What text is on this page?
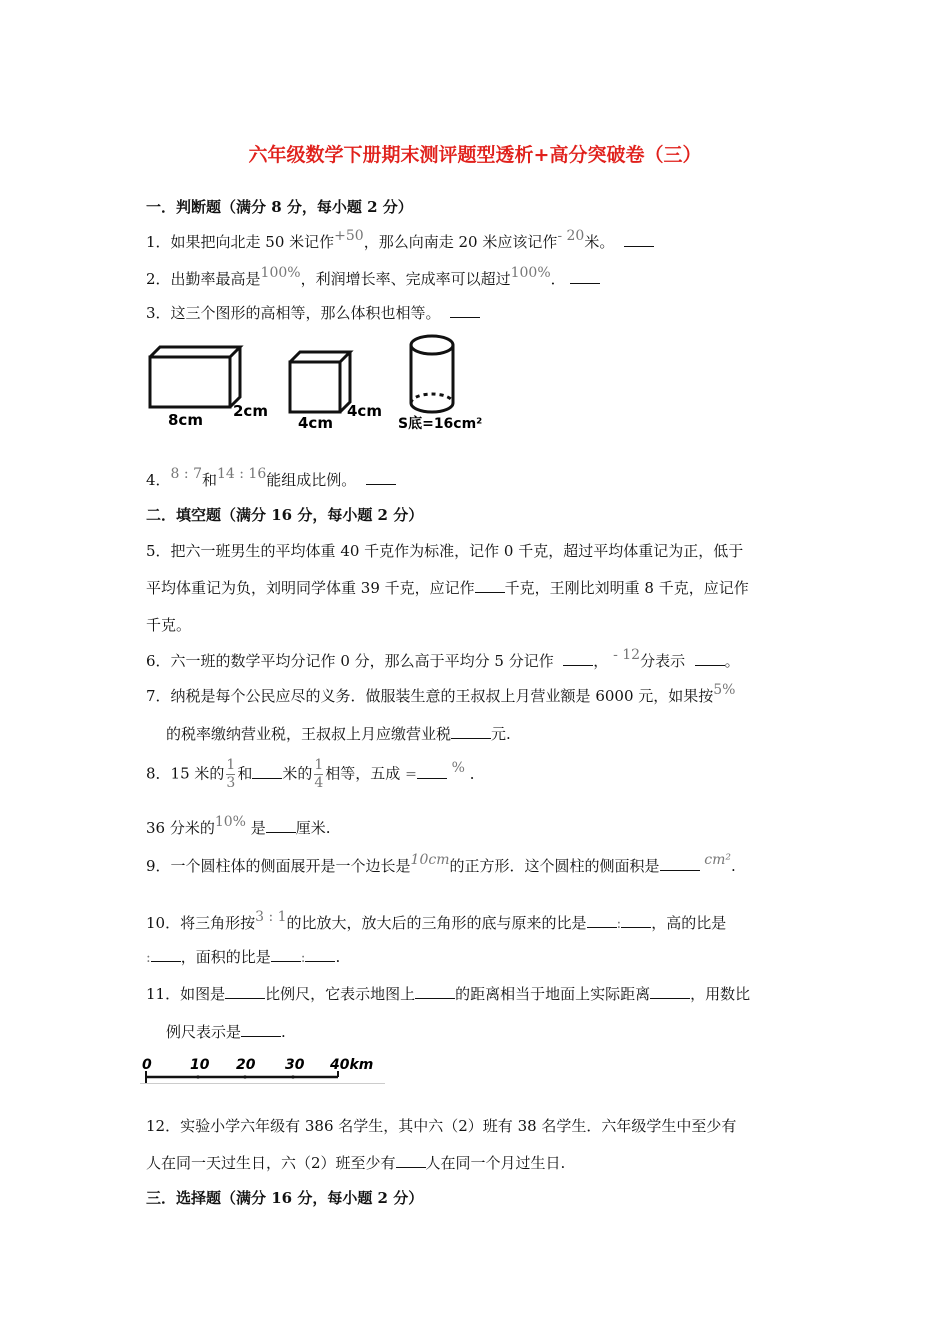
六年级数学下册期末测评题型透析+高分突破卷（三）
一．判断题（满分 8 分，每小题 2 分）
1．如果把向北走 50 米记作+50，那么向南走 20 米应该记作- 20米。
2．出勤率最高是100%，利润增长率、完成率可以超过100%．
3．这三个图形的高相等，那么体积也相等。
8cm 2cm
4cm
4cm
S底=16cm²
4．8 : 7和14 : 16能组成比例。
二．填空题（满分 16 分，每小题 2 分）
5．把六一班男生的平均体重 40 千克作为标准，记作 0 千克，超过平均体重记为正，低于
平均体重记为负，刘明同学体重 39 千克，应记作 千克，王刚比刘明重 8 千克，应记作
千克。
6．六一班的数学平均分记作 0 分，那么高于平均分 5 分记作	， - 12分表示	。
7．纳税是每个公民应尽的义务．做服装生意的王叔叔上月营业额是 6000 元，如果按5%
的税率缴纳营业税，王叔叔上月应缴营业税	元.
8．15 米的 $\frac{1}{3}$ 和 米的 $\frac{1}{4}$ 相等，五成 = % ．
36 分米的10% 是 厘米.
9．一个圆柱体的侧面展开是一个边长是10cm的正方形．这个圆柱的侧面积是	cm².
10．将三角形按3 : 1的比放大，放大后的三角形的底与原来的比是 : ，高的比是
: ，面积的比是 : .
11．如图是	比例尺，它表示地图上	的距离相当于地面上实际距离	，用数比
例尺表示是	.
0	10 20 30 40km
12．实验小学六年级有 386 名学生，其中六（2）班有 38 名学生．六年级学生中至少有
人在同一天过生日，六（2）班至少有 人在同一个月过生日.
三．选择题（满分 16 分，每小题 2 分）
